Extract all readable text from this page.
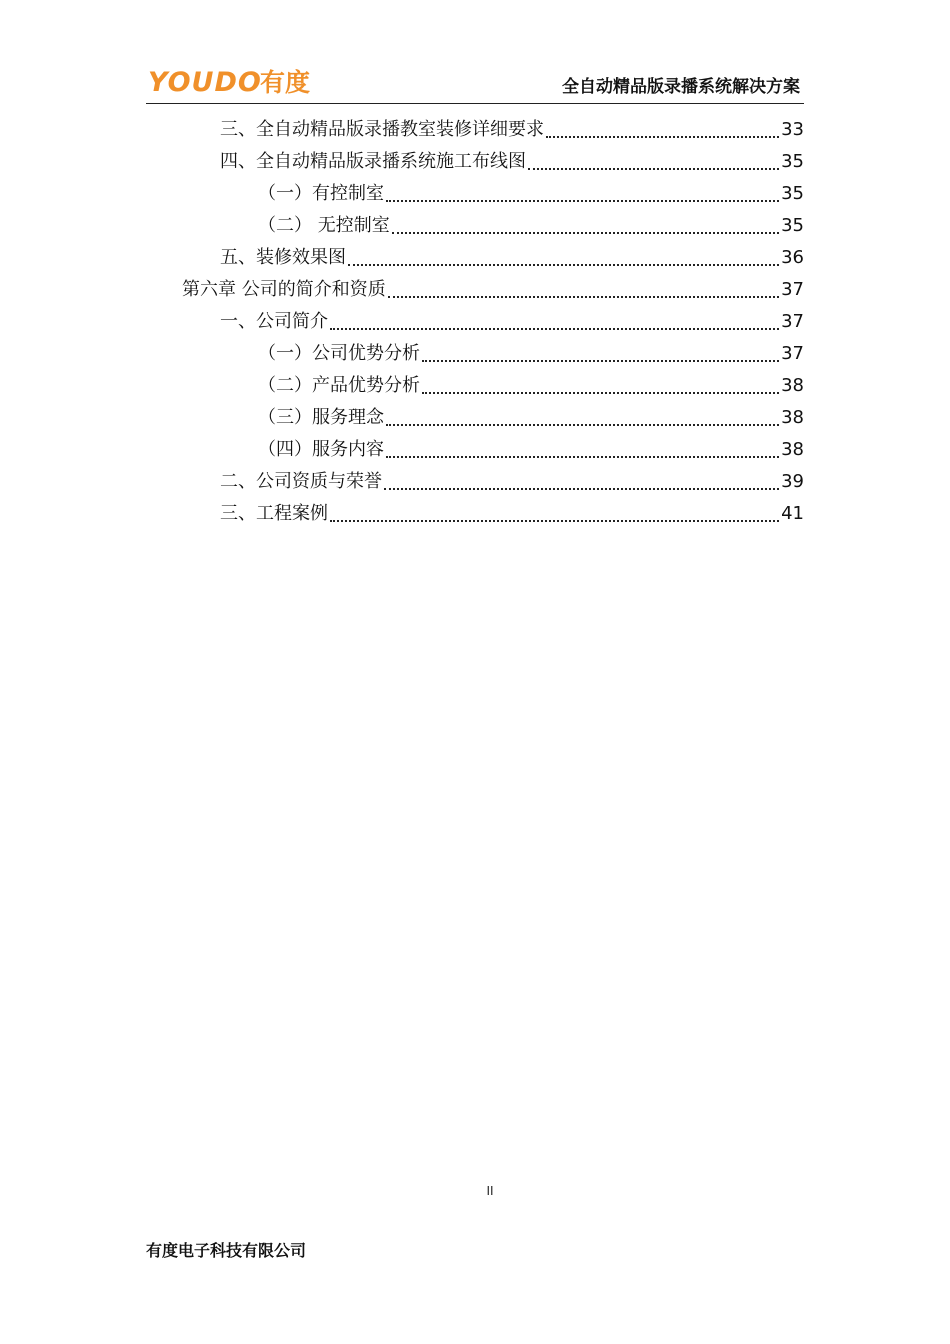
YOUDO
有度	全自动精品版录播系统解决方案
三、全自动精品版录播教室装修详细要求	33
四、全自动精品版录播系统施工布线图	35
（一）有控制室	35
（二） 无控制室	35
五、装修效果图	36
第六章 公司的简介和资质	37
一、公司简介	37
（一）公司优势分析	37
（二）产品优势分析	38
（三）服务理念	38
（四）服务内容	38
二、公司资质与荣誉	39
三、工程案例	41
II
有度电子科技有限公司
